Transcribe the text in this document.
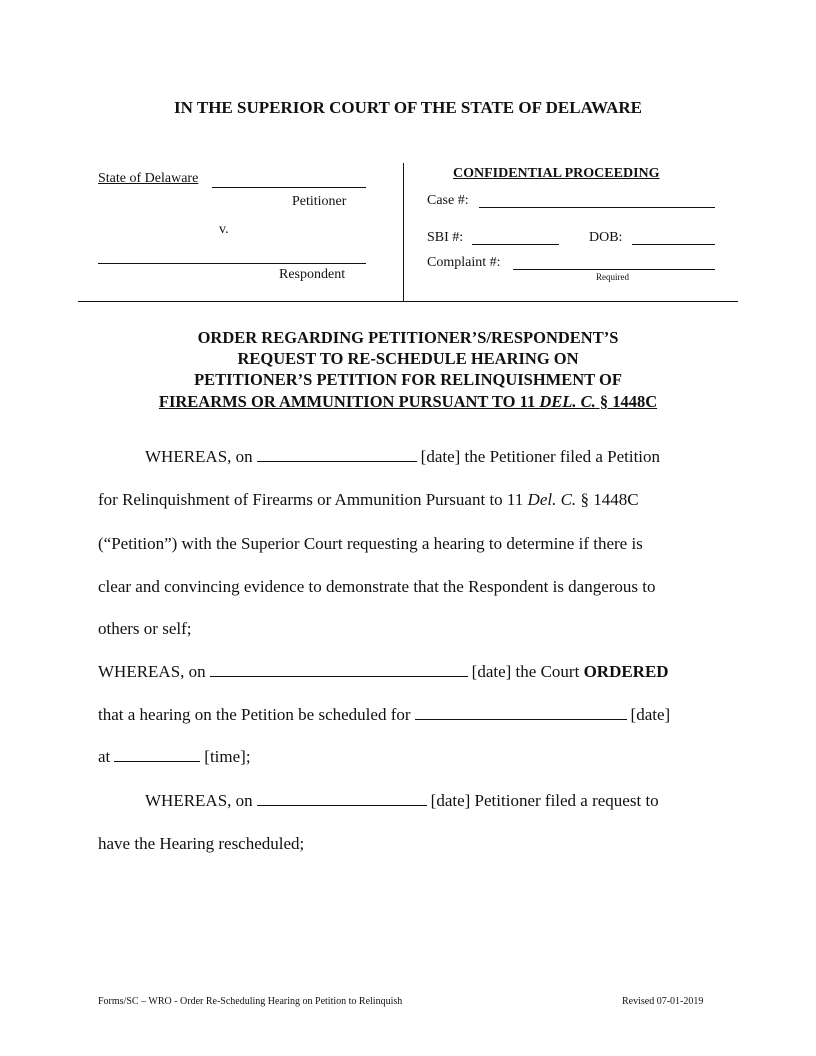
IN THE SUPERIOR COURT OF THE STATE OF DELAWARE
State of Delaware
Petitioner
v.
Respondent
CONFIDENTIAL PROCEEDING
Case #:
SBI #:	DOB:
Complaint #:
Required
ORDER REGARDING PETITIONER’S/RESPONDENT’S
REQUEST TO RE-SCHEDULE HEARING ON
PETITIONER’S PETITION FOR RELINQUISHMENT OF
FIREARMS OR AMMUNITION PURSUANT TO 11 DEL. C. § 1448C
WHEREAS, on	[date] the Petitioner filed a Petition
for Relinquishment of Firearms or Ammunition Pursuant to 11 Del. C. § 1448C
(“Petition”) with the Superior Court requesting a hearing to determine if there is
clear and convincing evidence to demonstrate that the Respondent is dangerous to
others or self;
WHEREAS, on	[date] the Court ORDERED
that a hearing on the Petition be scheduled for	[date]
at	[time];
WHEREAS, on	[date] Petitioner filed a request to
have the Hearing rescheduled;
Forms/SC – WRO - Order Re-Scheduling Hearing on Petition to Relinquish	Revised 07-01-2019
